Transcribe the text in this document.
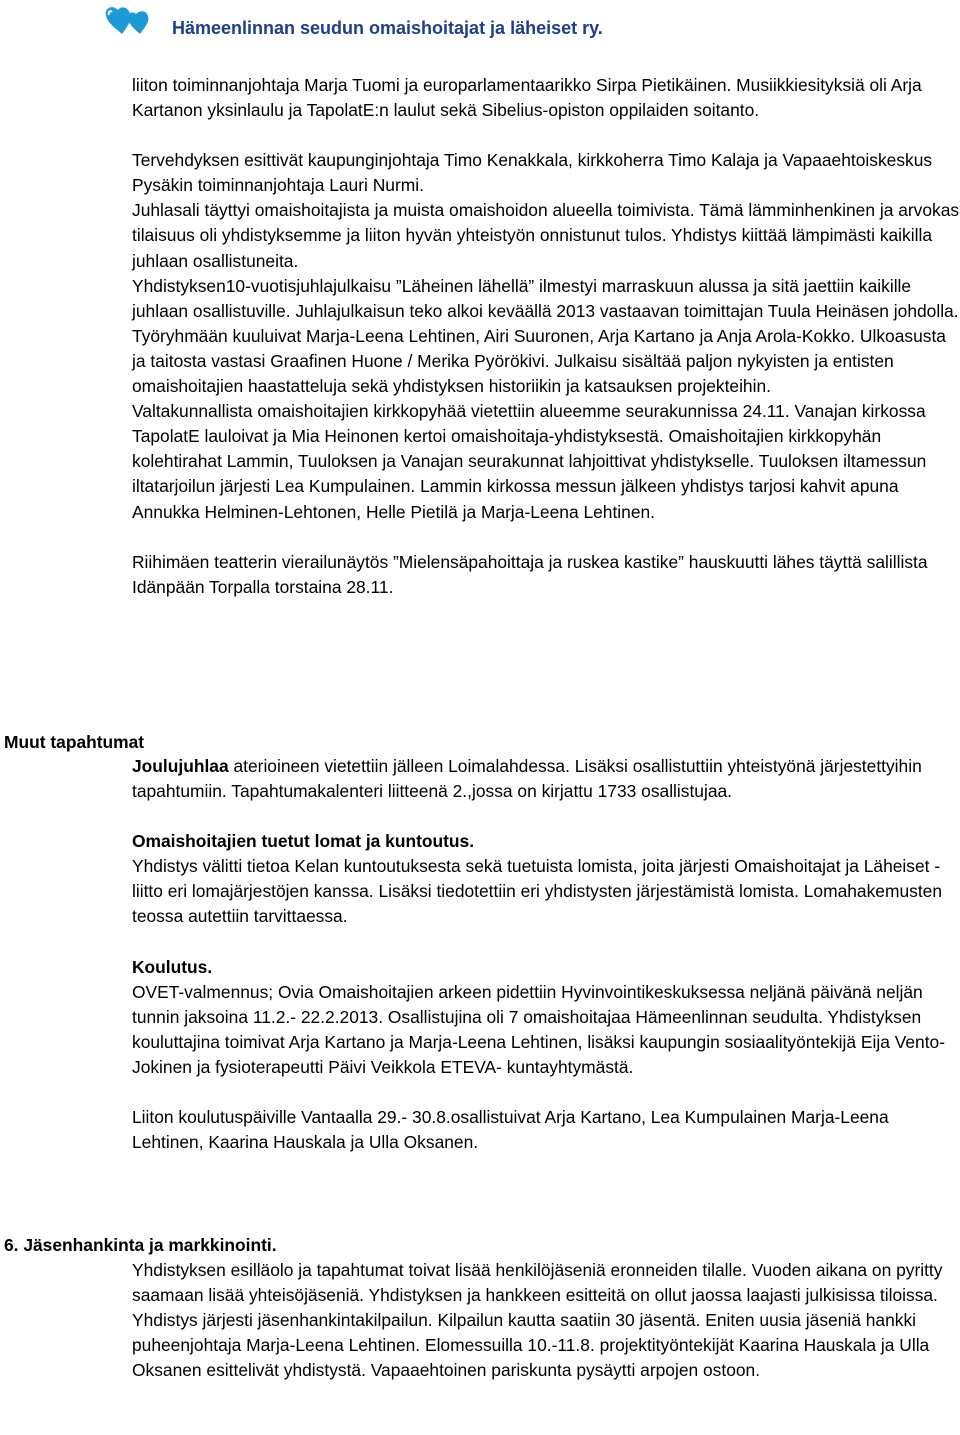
Hämeenlinnan seudun omaishoitajat ja läheiset ry.

liiton toiminnanjohtaja Marja Tuomi ja europarlamentaarikko Sirpa Pietikäinen. Musiikkiesityksiä oli Arja Kartanon yksinlaulu ja TapolatE:n laulut sekä Sibelius-opiston oppilaiden soitanto.

Tervehdyksen esittivät kaupunginjohtaja Timo Kenakkala, kirkkoherra Timo Kalaja ja Vapaaehtoiskeskus Pysäkin toiminnanjohtaja Lauri Nurmi.

Juhlasali täyttyi omaishoitajista ja muista omaishoidon alueella toimivista. Tämä lämminhenkinen ja arvokas tilaisuus oli yhdistyksemme ja liiton hyvän yhteistyön onnistunut tulos. Yhdistys kiittää lämpimästi kaikilla juhlaan osallistuneita.

Yhdistyksen10-vuotisjuhlajulkaisu ”Läheinen lähellä” ilmestyi marraskuun alussa ja sitä jaettiin kaikille juhlaan osallistuville. Juhlajulkaisun teko alkoi keväällä 2013 vastaavan toimittajan Tuula Heinäsen johdolla. Työryhmään kuuluivat Marja-Leena Lehtinen, Airi Suuronen, Arja Kartano ja Anja Arola-Kokko. Ulkoasusta ja taitosta vastasi Graafinen Huone / Merika Pyörökivi. Julkaisu sisältää paljon nykyisten ja entisten omaishoitajien haastatteluja sekä yhdistyksen historiikin ja katsauksen projekteihin.

Valtakunnallista omaishoitajien kirkkopyhää vietettiin alueemme seurakunnissa 24.11. Vanajan kirkossa TapolatE lauloivat ja Mia Heinonen kertoi omaishoitaja-yhdistyksestä. Omaishoitajien kirkkopyhän kolehtirahat Lammin, Tuuloksen ja Vanajan seurakunnat lahjoittivat yhdistykselle. Tuuloksen iltamessun iltatarjoilun järjesti Lea Kumpulainen. Lammin kirkossa messun jälkeen yhdistys tarjosi kahvit apuna Annukka Helminen-Lehtonen, Helle Pietilä ja Marja-Leena Lehtinen.

Riihimäen teatterin vierailunäytös ”Mielensäpahoittaja ja ruskea kastike” hauskuutti lähes täyttä salillista Idänpään Torpalla torstaina 28.11.

Muut tapahtumat

Joulujuhlaa aterioineen vietettiin jälleen Loimalahdessa. Lisäksi osallistuttiin yhteistyönä järjestettyihin tapahtumiin. Tapahtumakalenteri liitteenä 2.,jossa on kirjattu 1733 osallistujaa.

Omaishoitajien tuetut lomat ja kuntoutus.

Yhdistys välitti tietoa Kelan kuntoutuksesta sekä tuetuista lomista, joita järjesti Omaishoitajat ja Läheiset -liitto eri lomajärjestöjen kanssa. Lisäksi tiedotettiin eri yhdistysten järjestämistä lomista. Lomahakemusten teossa autettiin tarvittaessa.

Koulutus.

OVET-valmennus; Ovia Omaishoitajien arkeen pidettiin Hyvinvointikeskuksessa neljänä päivänä neljän tunnin jaksoina 11.2.- 22.2.2013. Osallistujina oli 7 omaishoitajaa Hämeenlinnan seudulta. Yhdistyksen kouluttajina toimivat Arja Kartano ja Marja-Leena Lehtinen, lisäksi kaupungin sosiaalityöntekijä Eija Vento-Jokinen ja fysioterapeutti Päivi Veikkola ETEVA- kuntayhtymästä.

Liiton koulutuspäiville Vantaalla 29.- 30.8.osallistuivat Arja Kartano, Lea Kumpulainen Marja-Leena Lehtinen, Kaarina Hauskala ja Ulla Oksanen.

6. Jäsenhankinta ja markkinointi.

Yhdistyksen esilläolo ja tapahtumat toivat lisää henkilöjäseniä eronneiden tilalle. Vuoden aikana on pyritty saamaan lisää yhteisöjäseniä. Yhdistyksen ja hankkeen esitteitä on ollut jaossa laajasti julkisissa tiloissa. Yhdistys järjesti jäsenhankintakilpailun. Kilpailun kautta saatiin 30 jäsentä. Eniten uusia jäseniä hankki puheenjohtaja Marja-Leena Lehtinen. Elomessuilla 10.-11.8. projektityöntekijät Kaarina Hauskala ja Ulla Oksanen esittelivät yhdistystä. Vapaaehtoinen pariskunta pysäytti arpojen ostoon.
